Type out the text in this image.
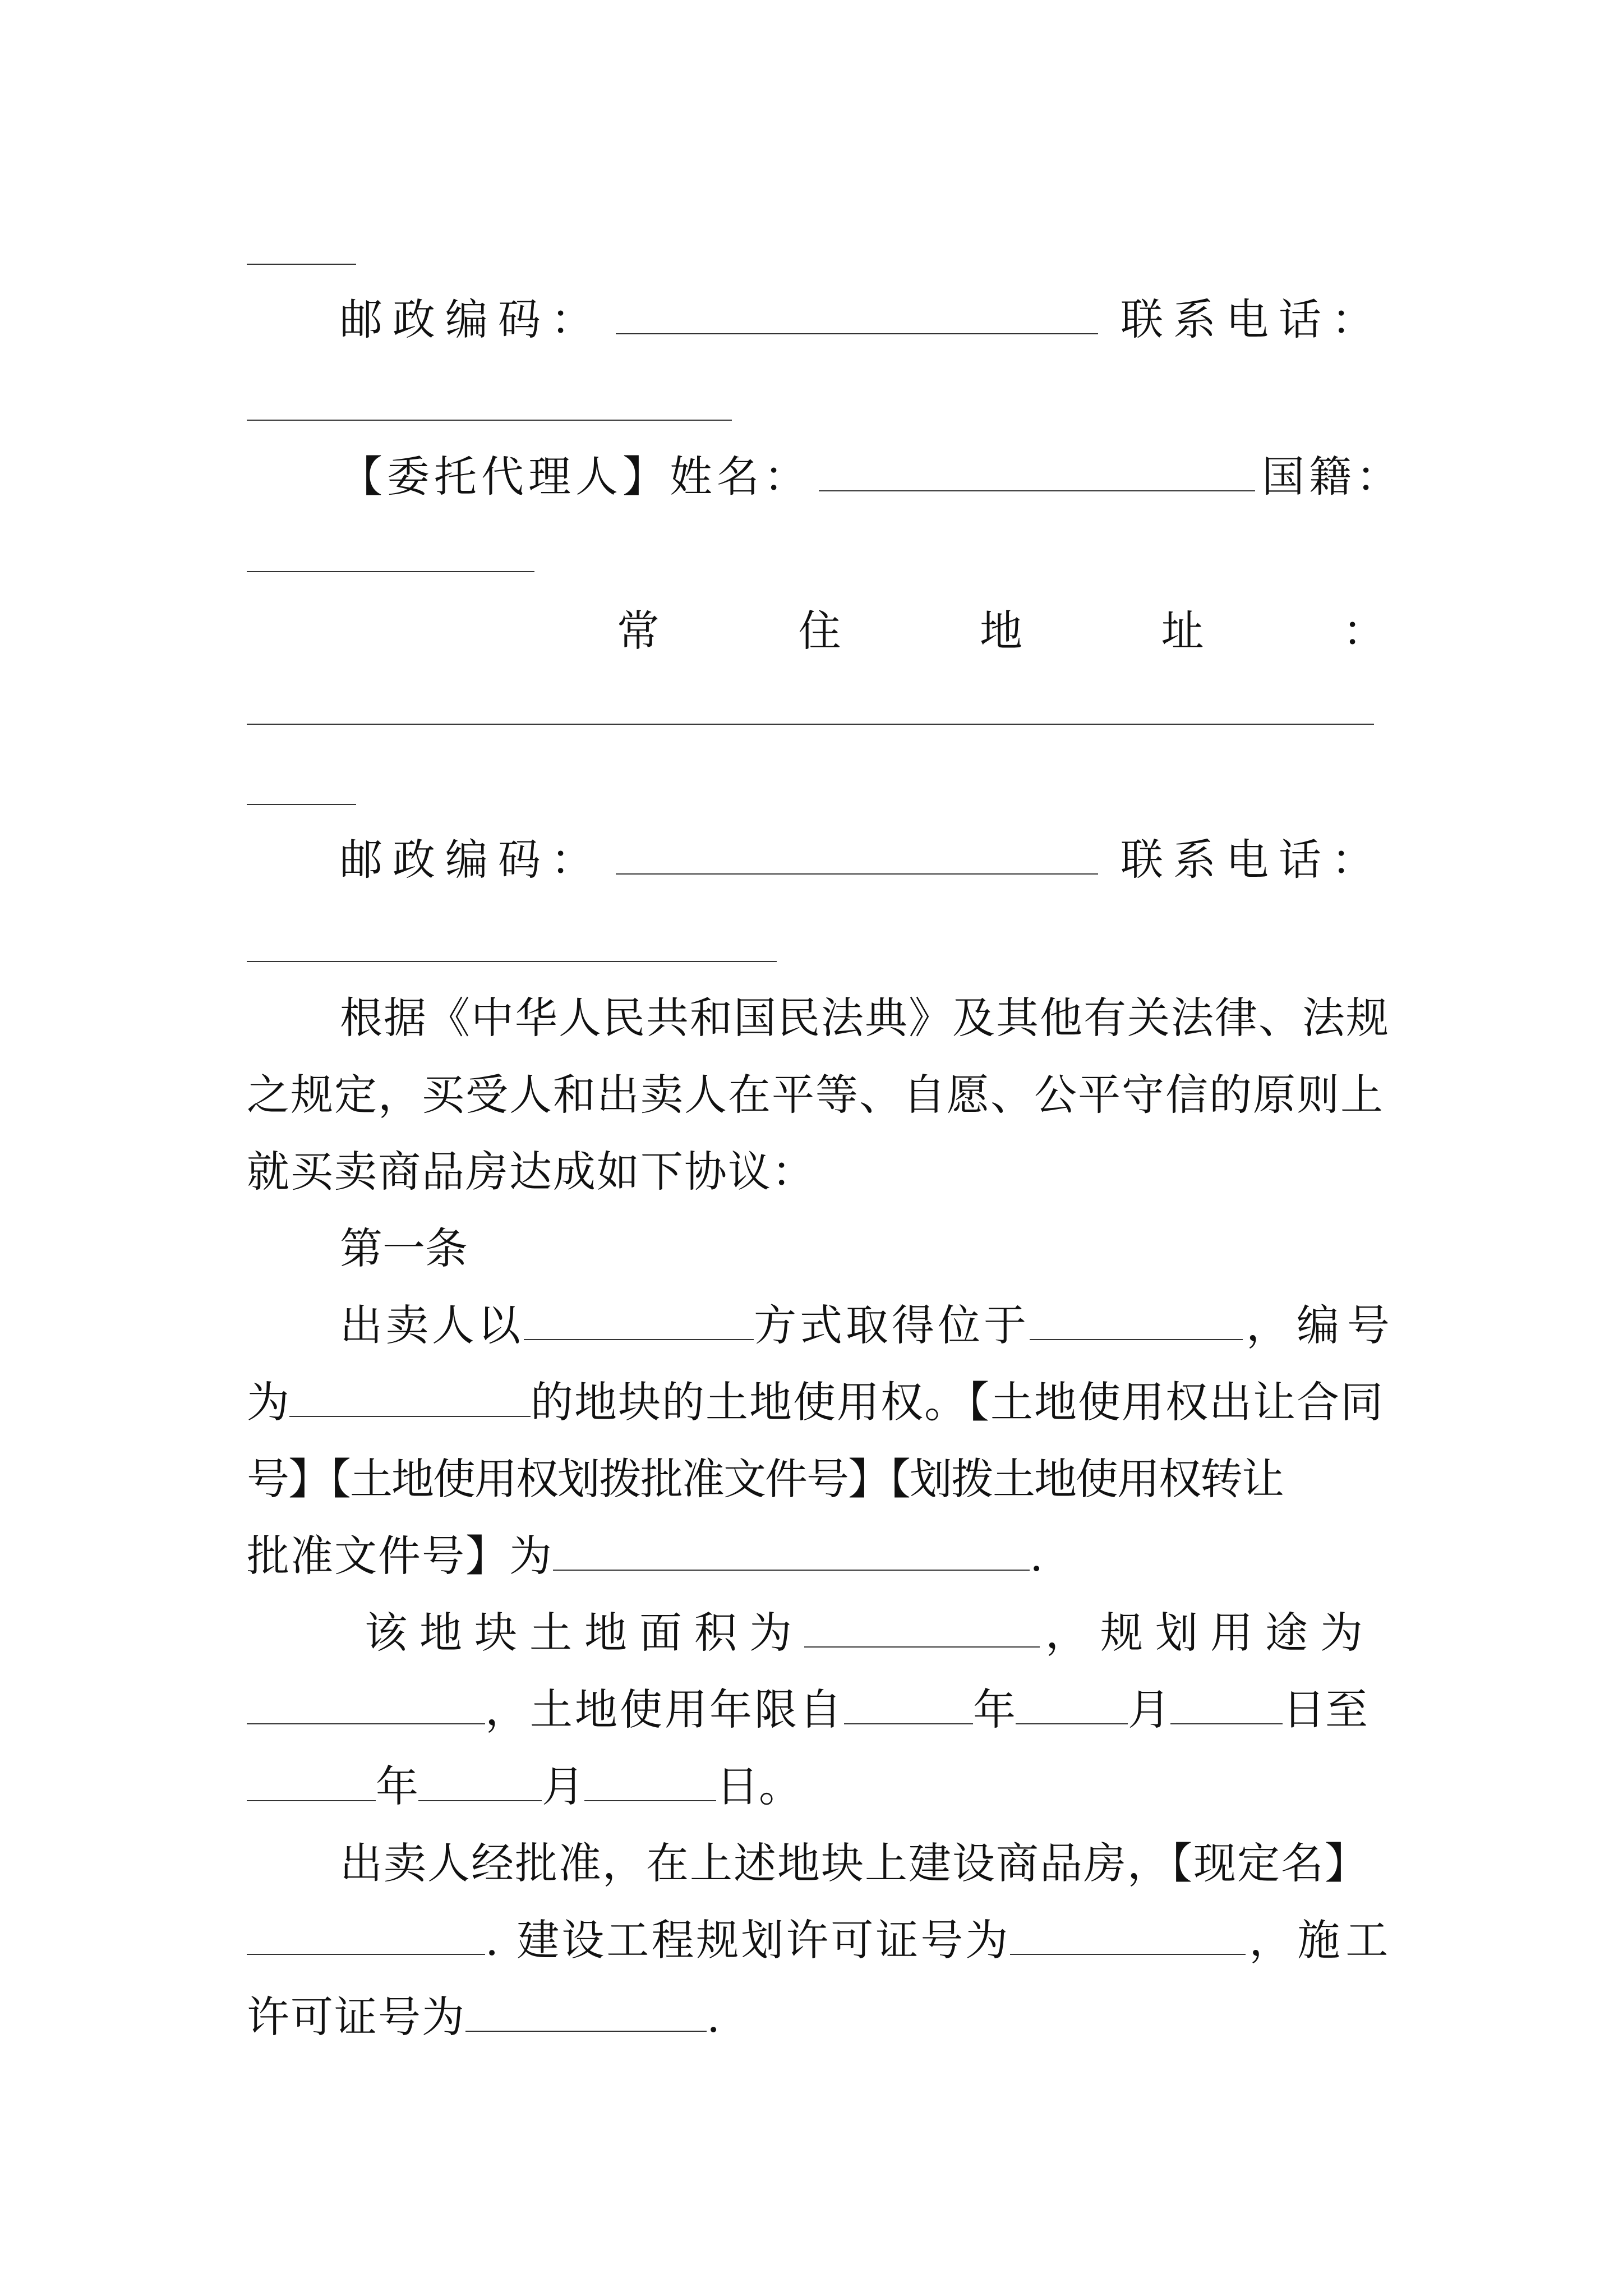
邮政编码：	联系电话：
【委托代理人】姓名：	国籍：
常	住	地	址	：
邮政编码：	联系电话：
根据《中华人民共和国民法典》及其他有关法律、法规
之规定，买受人和出卖人在平等、自愿、公平守信的原则上
就买卖商品房达成如下协议：
第一条
出卖人以	方式取得位于	，编号
为	的地块的土地使用权。【土地使用权出让合同
号】【土地使用权划拨批准文件号】【划拨土地使用权转让
批准文件号】为	.
该地块土地面积为	，规划用途为
，土地使用年限自	年	月	日至
年	月	日。
出卖人经批准，在上述地块上建设商品房，【现定名】
. 建设工程规划许可证号为	，施工
许可证号为	.
